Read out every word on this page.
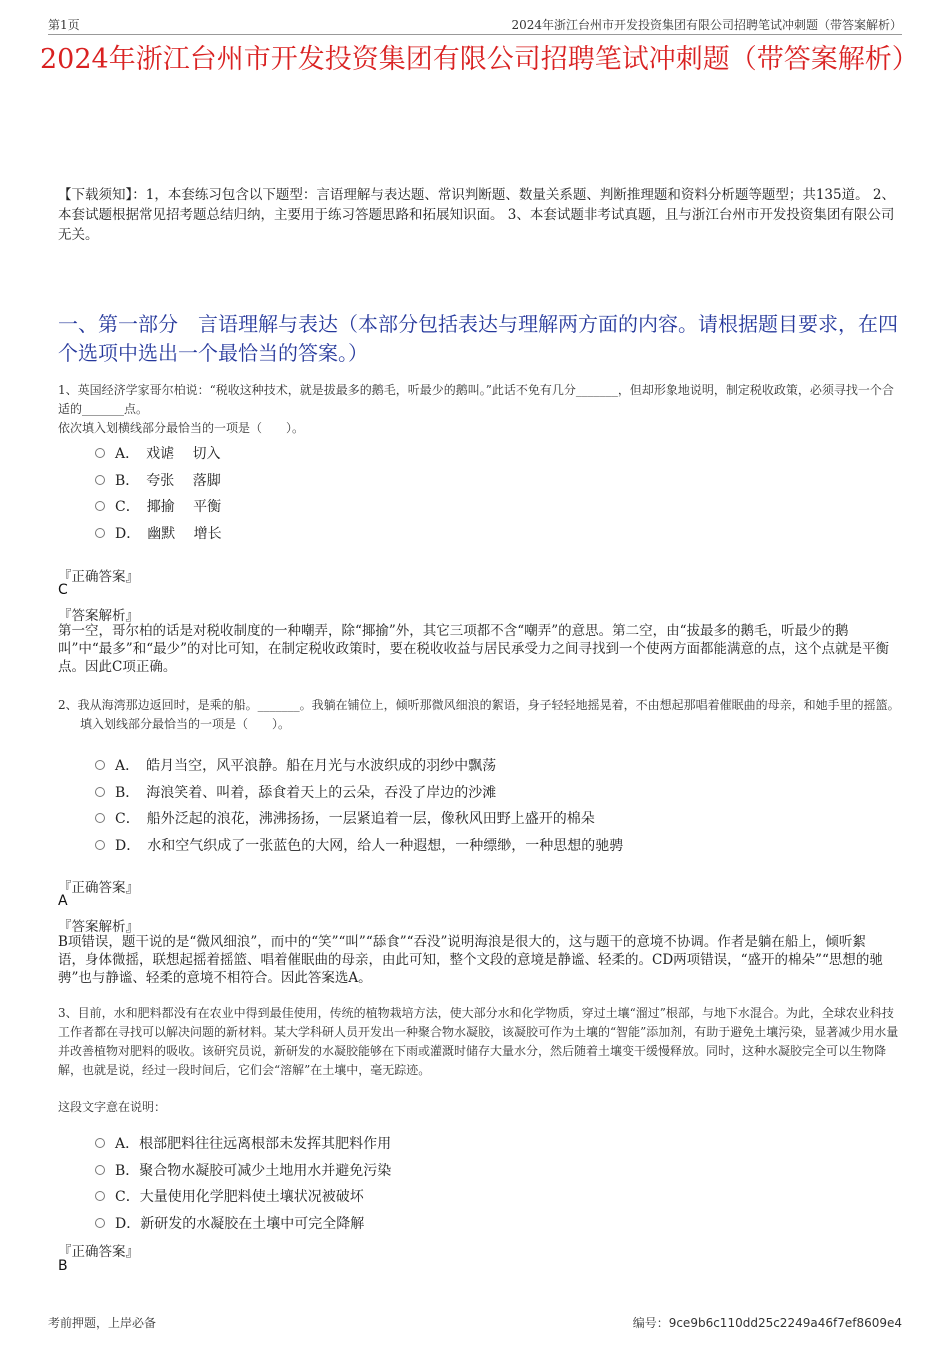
第1页	2024年浙江台州市开发投资集团有限公司招聘笔试冲刺题（带答案解析）
2024年浙江台州市开发投资集团有限公司招聘笔试冲刺题（带答案解析）
【下载须知】：1，本套练习包含以下题型：言语理解与表达题、常识判断题、数量关系题、判断推理题和资料分析题等题型；共135道。 2、本套试题根据常见招考题总结归纳，主要用于练习答题思路和拓展知识面。 3、本套试题非考试真题，且与浙江台州市开发投资集团有限公司无关。
一、第一部分　言语理解与表达（本部分包括表达与理解两方面的内容。请根据题目要求，在四个选项中选出一个最恰当的答案。）
1、英国经济学家哥尔柏说：“税收这种技术，就是拔最多的鹅毛，听最少的鹅叫。”此话不免有几分_______，但却形象地说明，制定税收政策，必须寻找一个合适的_______点。
依次填入划横线部分最恰当的一项是（　　）。
A．　戏谑　 切入
B．　夸张　 落脚
C．　揶揄　 平衡
D．　幽默　 增长
『正确答案』
C
『答案解析』
第一空，哥尔柏的话是对税收制度的一种嘲弄，除“揶揄”外，其它三项都不含“嘲弄”的意思。第二空，由“拔最多的鹅毛，听最少的鹅叫”中“最多”和“最少”的对比可知，在制定税收政策时，要在税收收益与居民承受力之间寻找到一个使两方面都能满意的点，这个点就是平衡点。因此C项正确。
2、我从海湾那边返回时，是乘的船。_______。我躺在铺位上，倾听那微风细浪的絮语，身子轻轻地摇晃着，不由想起那唱着催眠曲的母亲，和她手里的摇篮。
填入划线部分最恰当的一项是（　　）。
A．　皓月当空，风平浪静。船在月光与水波织成的羽纱中飘荡
B．　海浪笑着、叫着，舔食着天上的云朵，吞没了岸边的沙滩
C．　船外泛起的浪花，沸沸扬扬，一层紧追着一层，像秋风田野上盛开的棉朵
D．　水和空气织成了一张蓝色的大网，给人一种遐想，一种缥缈，一种思想的驰骋
『正确答案』
A
『答案解析』
B项错误，题干说的是“微风细浪”，而中的“笑”“叫”“舔食”“吞没”说明海浪是很大的，这与题干的意境不协调。作者是躺在船上，倾听絮语，身体微摇，联想起摇着摇篮、唱着催眠曲的母亲，由此可知，整个文段的意境是静谧、轻柔的。CD两项错误，“盛开的棉朵”“思想的驰骋”也与静谧、轻柔的意境不相符合。因此答案选A。
3、目前，水和肥料都没有在农业中得到最佳使用，传统的植物栽培方法，使大部分水和化学物质，穿过土壤“溜过”根部，与地下水混合。为此，全球农业科技工作者都在寻找可以解决问题的新材料。某大学科研人员开发出一种聚合物水凝胶，该凝胶可作为土壤的“智能”添加剂，有助于避免土壤污染，显著减少用水量并改善植物对肥料的吸收。该研究员说，新研发的水凝胶能够在下雨或灌溉时储存大量水分，然后随着土壤变干缓慢释放。同时，这种水凝胶完全可以生物降解，也就是说，经过一段时间后，它们会“溶解”在土壤中，毫无踪迹。
这段文字意在说明：
A．根部肥料往往远离根部未发挥其肥料作用
B．聚合物水凝胶可减少土地用水并避免污染
C．大量使用化学肥料使土壤状况被破坏
D．新研发的水凝胶在土壤中可完全降解
『正确答案』
B
考前押题，上岸必备	编号：9ce9b6c110dd25c2249a46f7ef8609e4
